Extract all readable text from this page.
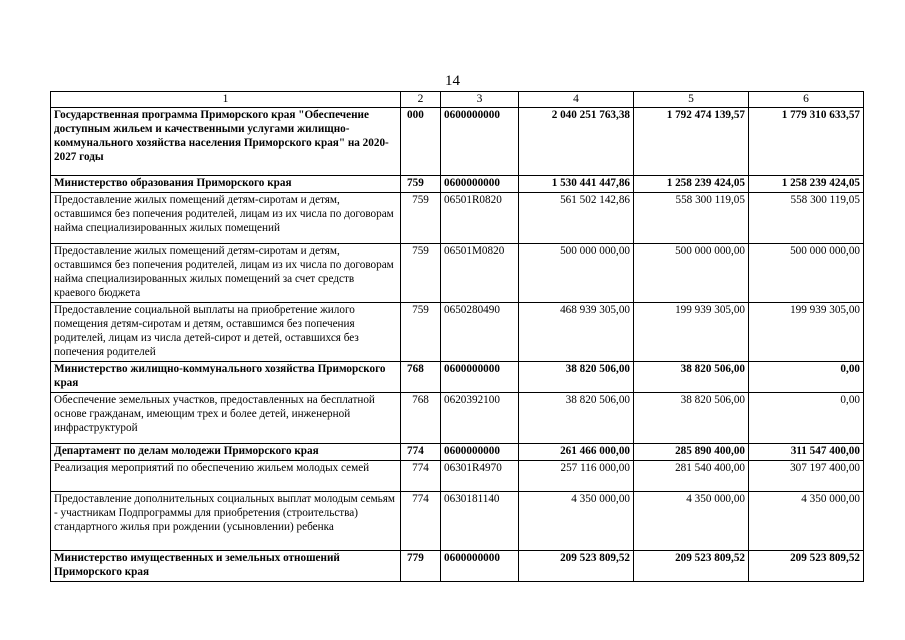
14
1	2	3	4	5	6
Государственная программа Приморского края "Обеспечение доступным жильем и качественными услугами жилищно-коммунального хозяйства населения Приморского края" на 2020-2027 годы	000	0600000000	2 040 251 763,38	1 792 474 139,57	1 779 310 633,57
Министерство образования Приморского края	759	0600000000	1 530 441 447,86	1 258 239 424,05	1 258 239 424,05
Предоставление жилых помещений детям-сиротам и детям, оставшимся без попечения родителей, лицам из их числа по договорам найма специализированных жилых помещений	759	06501R0820	561 502 142,86	558 300 119,05	558 300 119,05
Предоставление жилых помещений детям-сиротам и детям, оставшимся без попечения родителей, лицам из их числа по договорам найма специализированных жилых помещений за счет средств краевого бюджета	759	06501M0820	500 000 000,00	500 000 000,00	500 000 000,00
Предоставление социальной выплаты на приобретение жилого помещения детям-сиротам и детям, оставшимся без попечения родителей, лицам из числа детей-сирот и детей, оставшихся без попечения родителей	759	0650280490	468 939 305,00	199 939 305,00	199 939 305,00
Министерство жилищно-коммунального хозяйства Приморского края	768	0600000000	38 820 506,00	38 820 506,00	0,00
Обеспечение земельных участков, предоставленных на бесплатной основе гражданам, имеющим трех и более детей, инженерной инфраструктурой	768	0620392100	38 820 506,00	38 820 506,00	0,00
Департамент по делам молодежи Приморского края	774	0600000000	261 466 000,00	285 890 400,00	311 547 400,00
Реализация мероприятий по обеспечению жильем молодых семей	774	06301R4970	257 116 000,00	281 540 400,00	307 197 400,00
Предоставление дополнительных социальных выплат молодым семьям - участникам Подпрограммы для приобретения (строительства) стандартного жилья при рождении (усыновлении) ребенка	774	0630181140	4 350 000,00	4 350 000,00	4 350 000,00
Министерство имущественных и земельных отношений Приморского края	779	0600000000	209 523 809,52	209 523 809,52	209 523 809,52
